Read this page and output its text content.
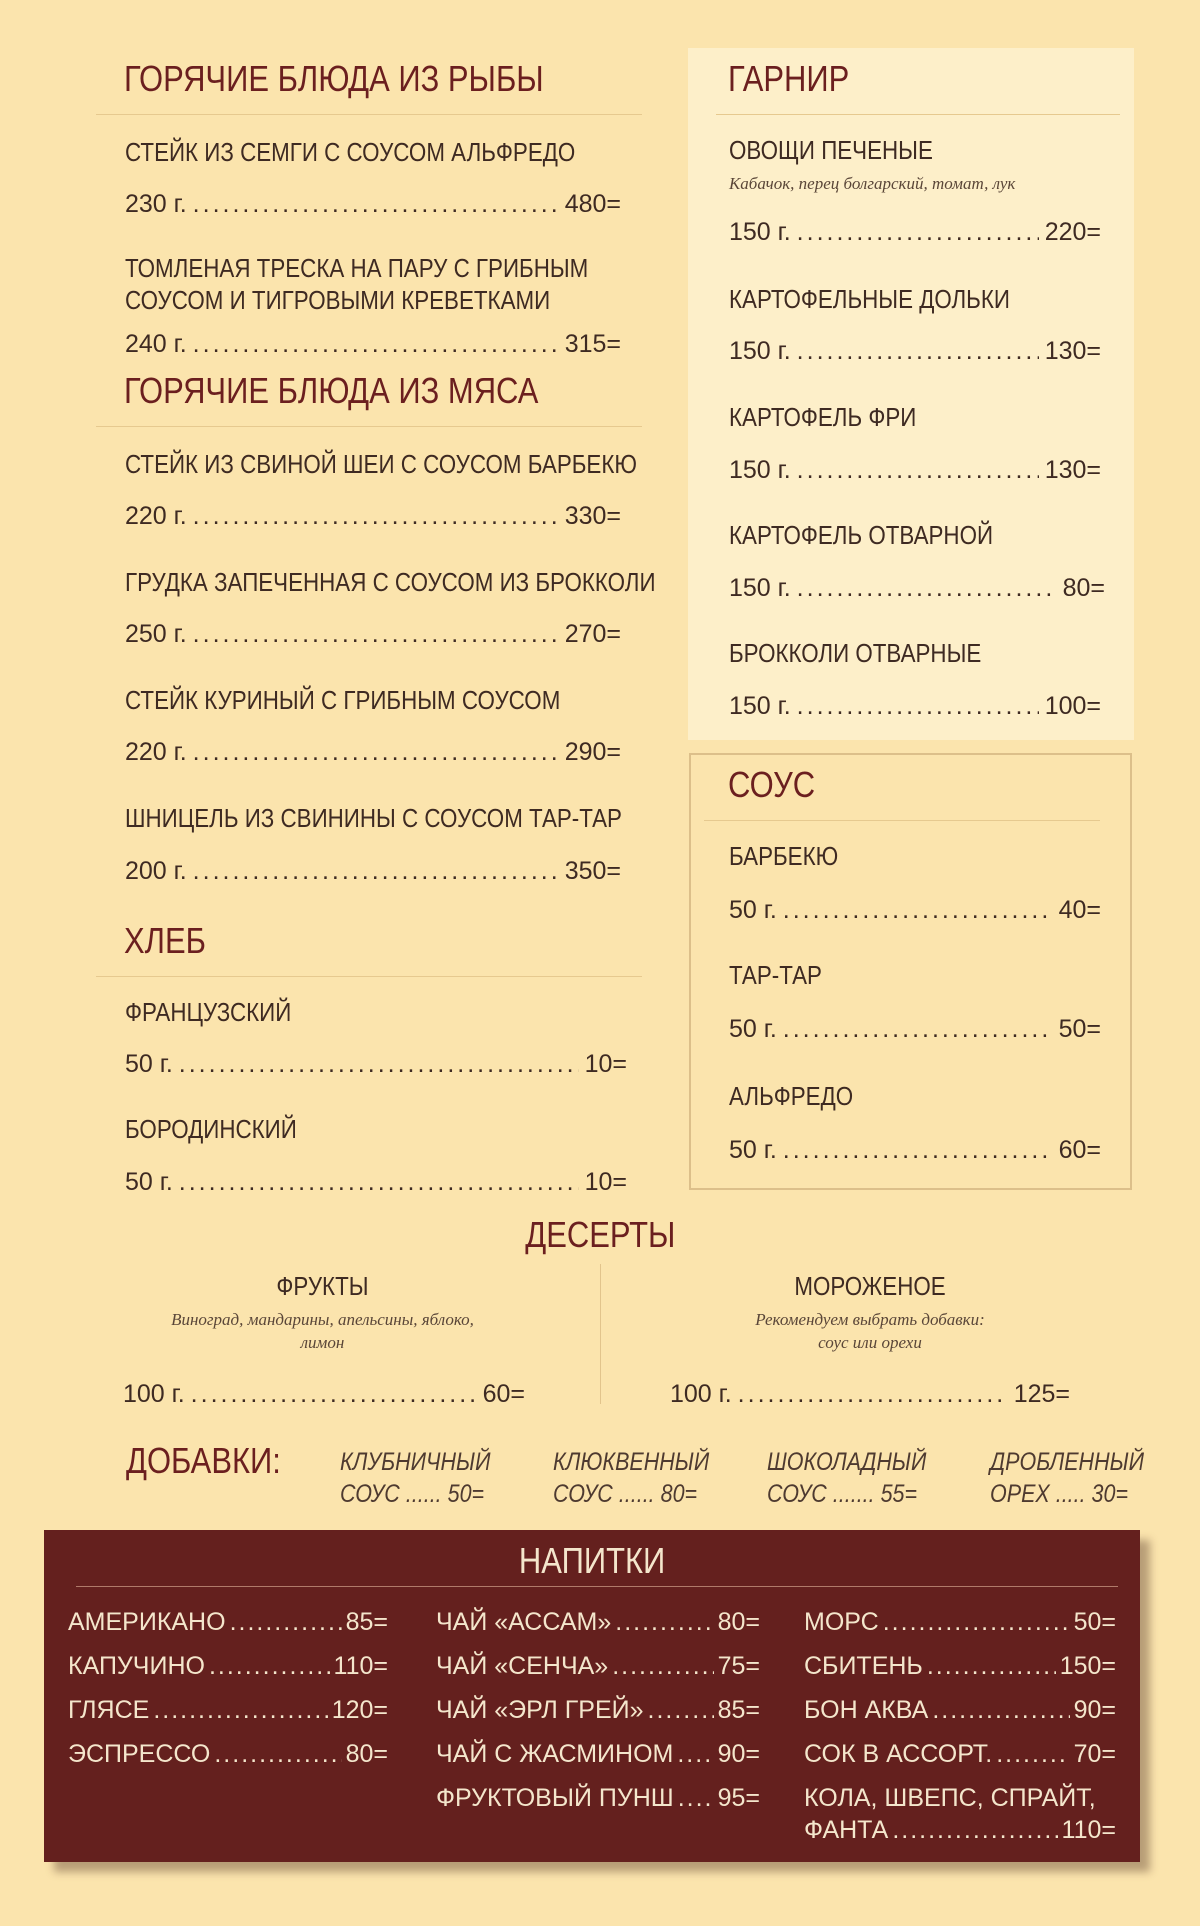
ГОРЯЧИЕ БЛЮДА ИЗ РЫБЫ
СТЕЙК ИЗ СЕМГИ С СОУСОМ АЛЬФРЕДО
230 г. .....	480=
ТОМЛЕНАЯ ТРЕСКА НА ПАРУ С ГРИБНЫМ
СОУСОМ И ТИГРОВЫМИ КРЕВЕТКАМИ
240 г. .....	315=
ГОРЯЧИЕ БЛЮДА ИЗ МЯСА
СТЕЙК ИЗ СВИНОЙ ШЕИ С СОУСОМ БАРБЕКЮ
220 г. .....	330=
ГРУДКА ЗАПЕЧЕННАЯ С СОУСОМ ИЗ БРОККОЛИ
250 г. .....	270=
СТЕЙК КУРИНЫЙ С ГРИБНЫМ СОУСОМ
220 г. .....	290=
ШНИЦЕЛЬ ИЗ СВИНИНЫ С СОУСОМ ТАР-ТАР
200 г. .....	350=
ХЛЕБ
ФРАНЦУЗСКИЙ
50 г. .....	10=
БОРОДИНСКИЙ
50 г. .....	10=
ГАРНИР
ОВОЩИ ПЕЧЕНЫЕ
Кабачок, перец болгарский, томат, лук
150 г. .....	220=
КАРТОФЕЛЬНЫЕ ДОЛЬКИ
150 г. .....	130=
КАРТОФЕЛЬ ФРИ
150 г. .....	130=
КАРТОФЕЛЬ ОТВАРНОЙ
150 г. .....	80=
БРОККОЛИ ОТВАРНЫЕ
150 г. .....	100=
СОУС
БАРБЕКЮ
50 г. .....	40=
ТАР-ТАР
50 г. .....	50=
АЛЬФРЕДО
50 г. .....	60=
ДЕСЕРТЫ
ФРУКТЫ
Виноград, мандарины, апельсины, яблоко,
лимон
100 г. .....	60=
МОРОЖЕНОЕ
Рекомендуем выбрать добавки:
соус или орехи
100 г. .....	125=
ДОБАВКИ: КЛУБНИЧНЫЙ
СОУС ...... 50=
КЛЮКВЕННЫЙ
СОУС ...... 80=
ШОКОЛАДНЫЙ
СОУС ....... 55=
ДРОБЛЕННЫЙ
ОРЕХ ..... 30=
НАПИТКИ
АМЕРИКАНО .....	85=
КАПУЧИНО .....	110=
ГЛЯСЕ .....	120=
ЭСПРЕССО .....	80=
ЧАЙ «АССАМ» .....	80=
ЧАЙ «СЕНЧА» .....	75=
ЧАЙ «ЭРЛ ГРЕЙ» .....	85=
ЧАЙ С ЖАСМИНОМ ..... 90=
ФРУКТОВЫЙ ПУНШ ..... 95=
МОРС .....	50=
СБИТЕНЬ .....	150=
БОН АКВА .....	90=
СОК В АССОРТ. .....	70=
КОЛА, ШВЕПС, СПРАЙТ,
ФАНТА .....	110=
